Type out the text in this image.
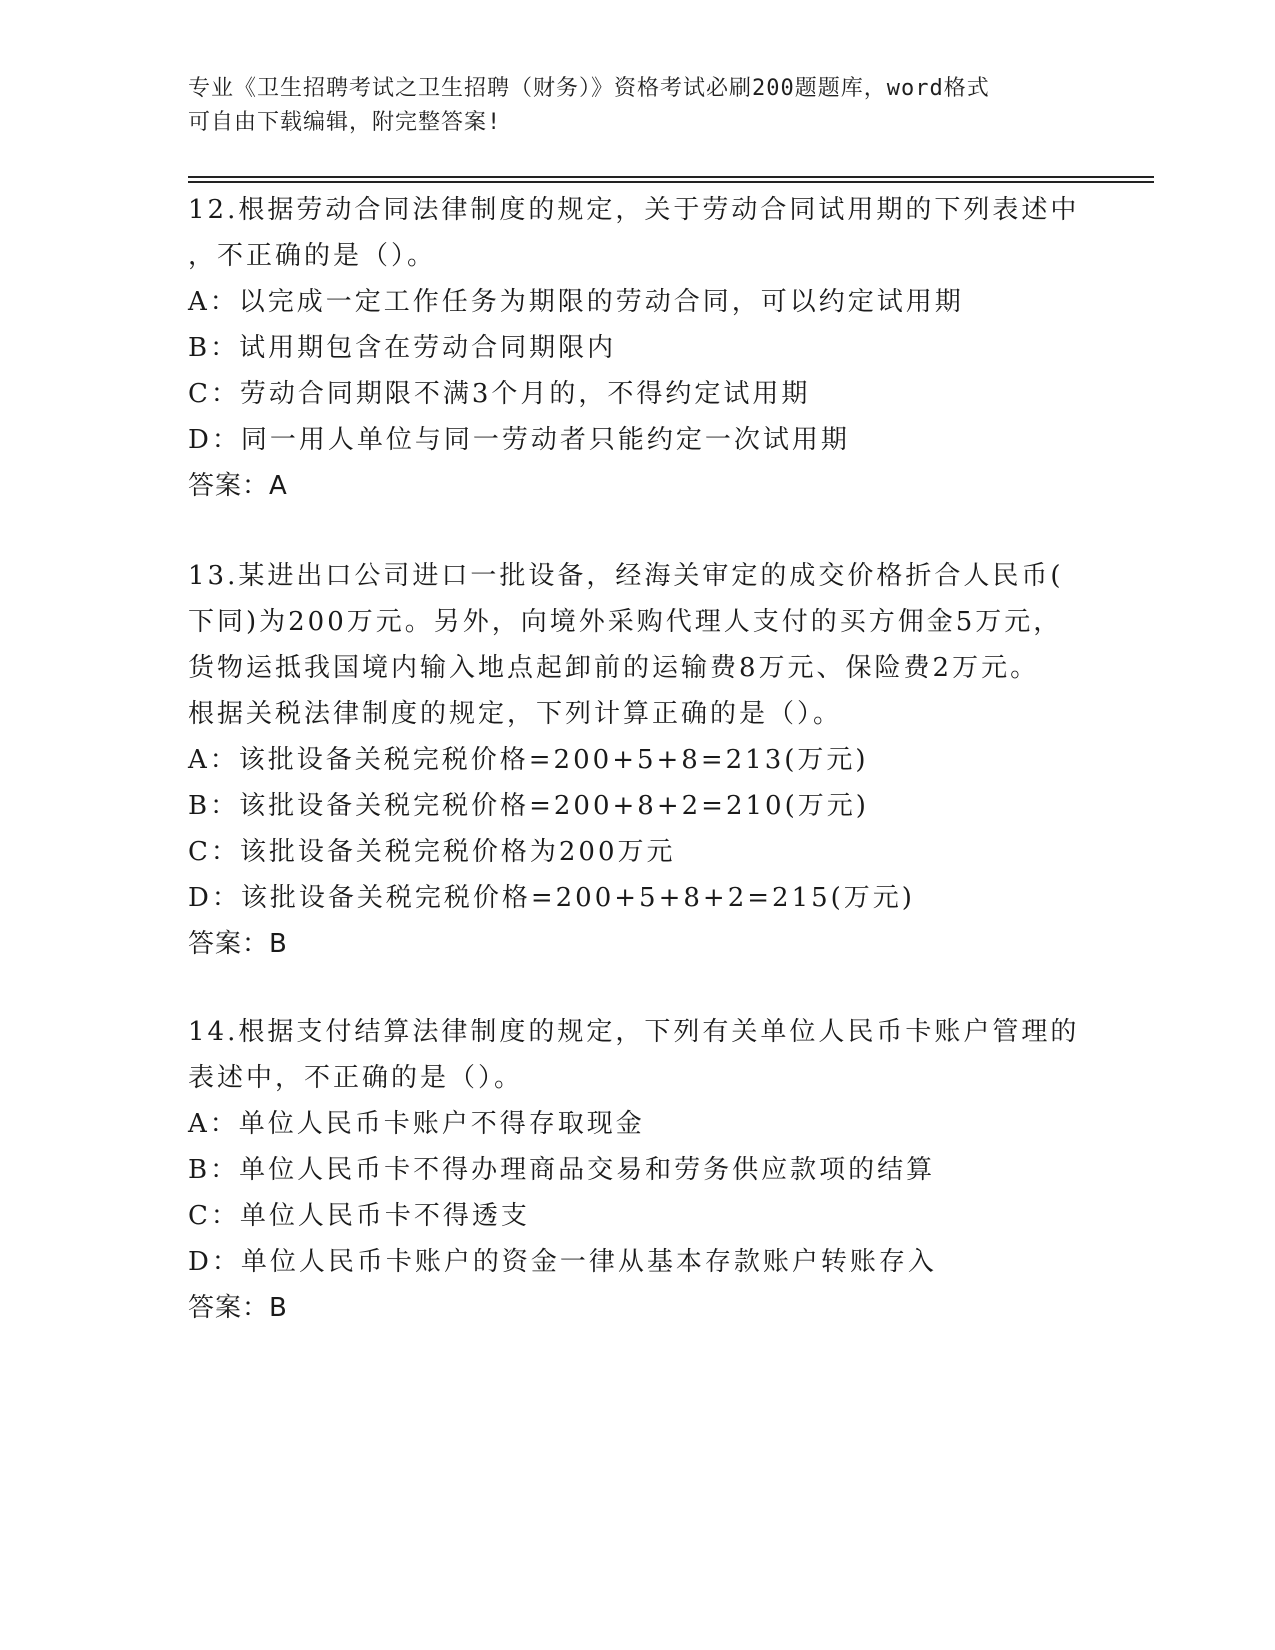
专业《卫生招聘考试之卫生招聘（财务）》资格考试必刷200题题库，word格式
可自由下载编辑，附完整答案!
12.根据劳动合同法律制度的规定，关于劳动合同试用期的下列表述中
，不正确的是（）。
A：以完成一定工作任务为期限的劳动合同，可以约定试用期
B：试用期包含在劳动合同期限内
C：劳动合同期限不满3个月的，不得约定试用期
D：同一用人单位与同一劳动者只能约定一次试用期
答案：A
13.某进出口公司进口一批设备，经海关审定的成交价格折合人民币(
下同)为200万元。另外，向境外采购代理人支付的买方佣金5万元，
货物运抵我国境内输入地点起卸前的运输费8万元、保险费2万元。
根据关税法律制度的规定，下列计算正确的是（）。
A：该批设备关税完税价格=200+5+8=213(万元)
B：该批设备关税完税价格=200+8+2=210(万元)
C：该批设备关税完税价格为200万元
D：该批设备关税完税价格=200+5+8+2=215(万元)
答案：B
14.根据支付结算法律制度的规定，下列有关单位人民币卡账户管理的
表述中，不正确的是（）。
A：单位人民币卡账户不得存取现金
B：单位人民币卡不得办理商品交易和劳务供应款项的结算
C：单位人民币卡不得透支
D：单位人民币卡账户的资金一律从基本存款账户转账存入
答案：B
